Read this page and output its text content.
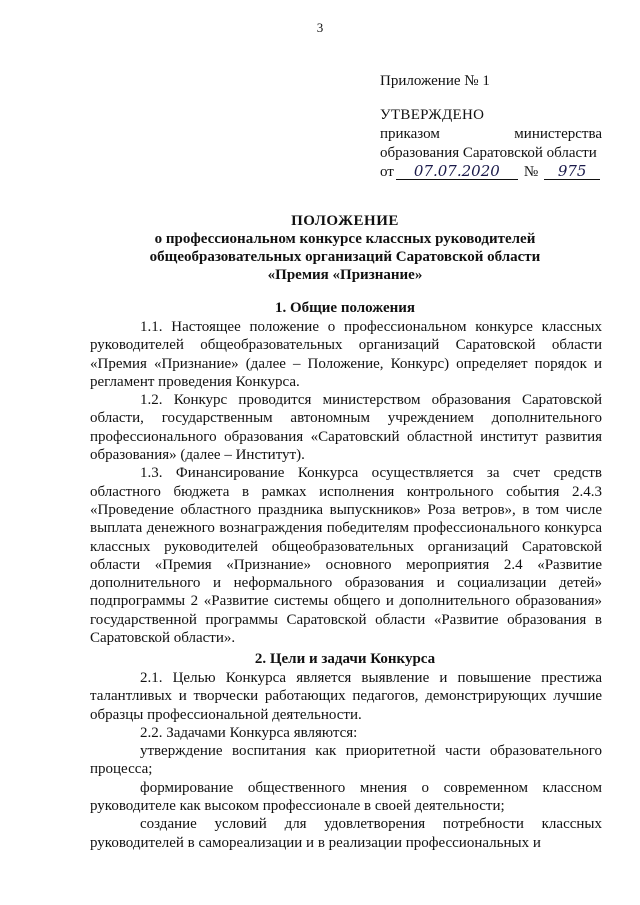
3
Приложение № 1
УТВЕРЖДЕНО
приказом	министерства
образования Саратовской области
от	07.07.2020	№	975
ПОЛОЖЕНИЕ
о профессиональном конкурсе классных руководителей
общеобразовательных организаций Саратовской области
«Премия «Признание»
1. Общие положения

1.1. Настоящее положение о профессиональном конкурсе классных руководителей общеобразовательных организаций Саратовской области «Премия «Признание» (далее – Положение, Конкурс) определяет порядок и регламент проведения Конкурса.

1.2. Конкурс проводится министерством образования Саратовской области, государственным автономным учреждением дополнительного профессионального образования «Саратовский областной институт развития образования» (далее – Институт).

1.3. Финансирование Конкурса осуществляется за счет средств областного бюджета в рамках исполнения контрольного события 2.4.3 «Проведение областного праздника выпускников» Роза ветров», в том числе выплата денежного вознаграждения победителям профессионального конкурса классных руководителей общеобразовательных организаций Саратовской области «Премия «Признание» основного мероприятия 2.4 «Развитие дополнительного и неформального образования и социализации детей» подпрограммы 2 «Развитие системы общего и дополнительного образования» государственной программы Саратовской области «Развитие образования в Саратовской области».

2. Цели и задачи Конкурса

2.1. Целью Конкурса является выявление и повышение престижа талантливых и творчески работающих педагогов, демонстрирующих лучшие образцы профессиональной деятельности.

2.2. Задачами Конкурса являются:

утверждение воспитания как приоритетной части образовательного процесса;

формирование общественного мнения о современном классном руководителе как высоком профессионале в своей деятельности;

создание условий для удовлетворения потребности классных руководителей в самореализации и в реализации профессиональных и
